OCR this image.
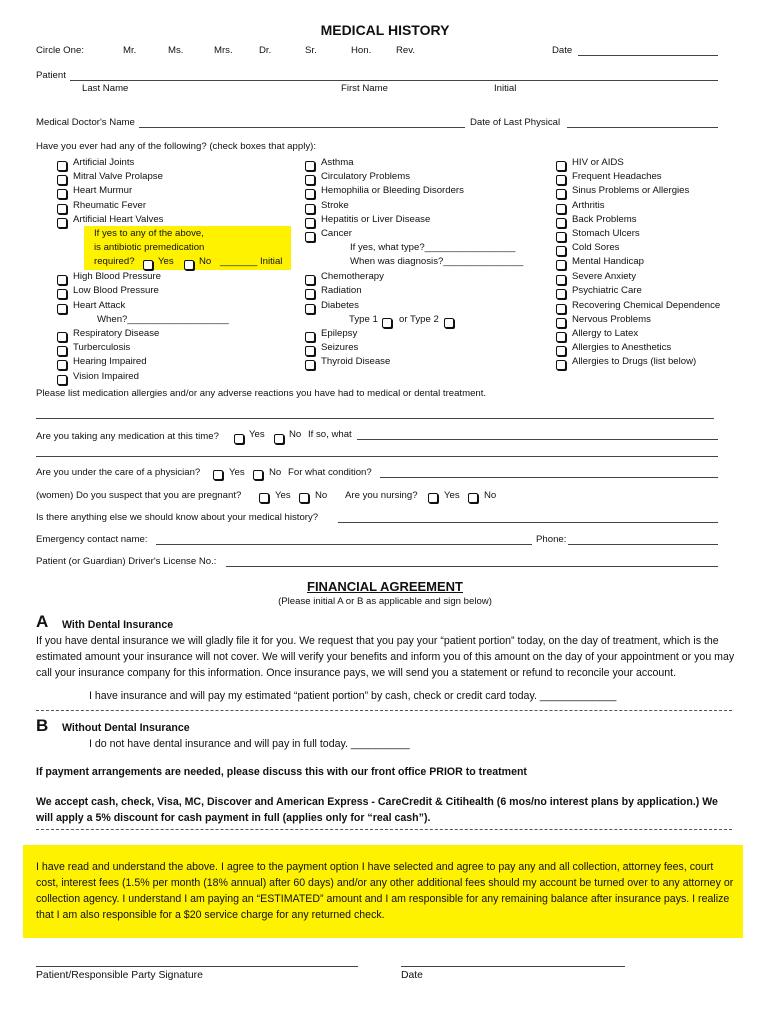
MEDICAL HISTORY
Circle One:	Mr.	Ms.	Mrs.	Dr.	Sr.	Hon.	Rev.	Date
Patient
Last Name	First Name	Initial
Medical Doctor's Name	Date of Last Physical
Have you ever had any of the following? (check boxes that apply):
Artificial Joints
Mitral Valve Prolapse
Heart Murmur
Rheumatic Fever
Artificial Heart Valves
If yes to any of the above,
is antibiotic premedication
required? Yes	No _______ Initial
High Blood Pressure
Low Blood Pressure
Heart Attack
When?___________________
Respiratory Disease
Turberculosis
Hearing Impaired
Vision Impaired
Asthma
Circulatory Problems
Hemophilia or Bleeding Disorders
Stroke
Hepatitis or Liver Disease
Cancer
If yes, what type?_________________
When was diagnosis?_______________
Chemotherapy
Radiation
Diabetes
Type 1 or Type 2
Epilepsy
Seizures
Thyroid Disease
HIV or AIDS
Frequent Headaches
Sinus Problems or Allergies
Arthritis
Back Problems
Stomach Ulcers
Cold Sores
Mental Handicap
Severe Anxiety
Psychiatric Care
Recovering Chemical Dependence
Nervous Problems
Allergy to Latex
Allergies to Anesthetics
Allergies to Drugs (list below)
Please list medication allergies and/or any adverse reactions you have had to medical or dental treatment.
Are you taking any medication at this time?	Yes	No If so, what
Are you under the care of a physician?	Yes	No For what condition?
(women) Do you suspect that you are pregnant?	Yes	No Are you nursing?	Yes	No
Is there anything else we should know about your medical history?
Emergency contact name:	Phone:
Patient (or Guardian) Driver's License No.:
FINANCIAL AGREEMENT
(Please initial A or B as applicable and sign below)
A With Dental Insurance
If you have dental insurance we will gladly file it for you. We request that you pay your “patient portion” today, on the day of treatment, which is the estimated amount your insurance will not cover. We will verify your benefits and inform you of this amount on the day of your appointment or you may call your insurance company for this information. Once insurance pays, we will send you a statement or refund to reconcile your account.
I have insurance and will pay my estimated “patient portion” by cash, check or credit card today. _____________
B Without Dental Insurance
I do not have dental insurance and will pay in full today. __________
If payment arrangements are needed, please discuss this with our front office PRIOR to treatment
We accept cash, check, Visa, MC, Discover and American Express - CareCredit & Citihealth (6 mos/no interest plans by application.) We will apply a 5% discount for cash payment in full (applies only for “real cash”).
I have read and understand the above. I agree to the payment option I have selected and agree to pay any and all collection, attorney fees, court cost, interest fees (1.5% per month (18% annual) after 60 days) and/or any other additional fees should my account be turned over to any attorney or collection agency. I understand I am paying an “ESTIMATED” amount and I am responsible for any remaining balance after insurance pays. I realize that I am also responsible for a $20 service charge for any returned check.
Patient/Responsible Party Signature	Date
